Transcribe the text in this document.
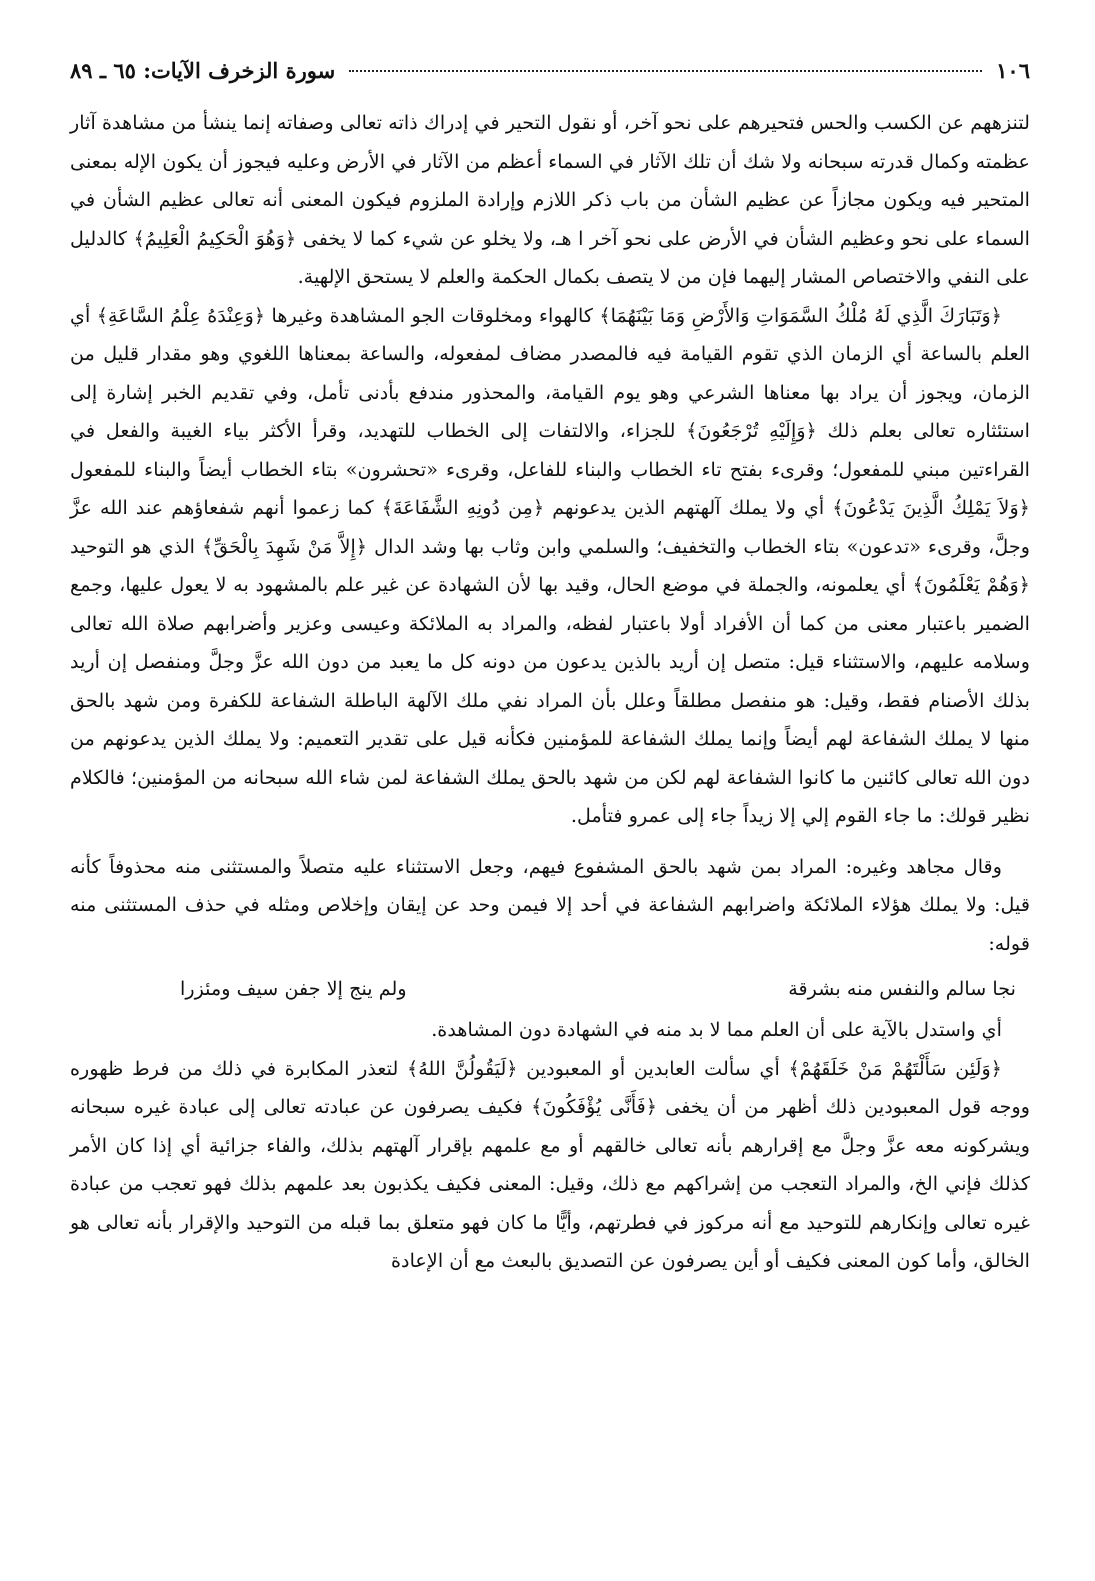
١٠٦
سورة الزخرف الآيات: ٦٥ ـ ٨٩

لتنزههم عن الكسب والحس فتحيرهم على نحو آخر، أو نقول التحير في إدراك ذاته تعالى وصفاته إنما ينشأ من مشاهدة آثار عظمته وكمال قدرته سبحانه ولا شك أن تلك الآثار في السماء أعظم من الآثار في الأرض وعليه فيجوز أن يكون الإله بمعنى المتحير فيه ويكون مجازاً عن عظيم الشأن من باب ذكر اللازم وإرادة الملزوم فيكون المعنى أنه تعالى عظيم الشأن في السماء على نحو وعظيم الشأن في الأرض على نحو آخر ا هـ، ولا يخلو عن شيء كما لا يخفى ﴿وَهُوَ الْحَكِيمُ الْعَلِيمُ﴾ كالدليل على النفي والاختصاص المشار إليهما فإن من لا يتصف بكمال الحكمة والعلم لا يستحق الإلهية.

﴿وَتَبَارَكَ الَّذِي لَهُ مُلْكُ السَّمَوَاتِ وَالأَرْضِ وَمَا بَيْنَهُمَا﴾ كالهواء ومخلوقات الجو المشاهدة وغيرها ﴿وَعِنْدَهُ عِلْمُ السَّاعَةِ﴾ أي العلم بالساعة أي الزمان الذي تقوم القيامة فيه فالمصدر مضاف لمفعوله، والساعة بمعناها اللغوي وهو مقدار قليل من الزمان، ويجوز أن يراد بها معناها الشرعي وهو يوم القيامة، والمحذور مندفع بأدنى تأمل، وفي تقديم الخبر إشارة إلى استئثاره تعالى بعلم ذلك ﴿وَإِلَيْهِ تُرْجَعُونَ﴾ للجزاء، والالتفات إلى الخطاب للتهديد، وقرأ الأكثر بياء الغيبة والفعل في القراءتين مبني للمفعول؛ وقرىء بفتح تاء الخطاب والبناء للفاعل، وقرىء «تحشرون» بتاء الخطاب أيضاً والبناء للمفعول ﴿وَلاَ يَمْلِكُ الَّذِينَ يَدْعُونَ﴾ أي ولا يملك آلهتهم الذين يدعونهم ﴿مِن دُونِهِ الشَّفَاعَةَ﴾ كما زعموا أنهم شفعاؤهم عند الله عزَّ وجلَّ، وقرىء «تدعون» بتاء الخطاب والتخفيف؛ والسلمي وابن وثاب بها وشد الدال ﴿إِلاَّ مَنْ شَهِدَ بِالْحَقِّ﴾ الذي هو التوحيد ﴿وَهُمْ يَعْلَمُونَ﴾ أي يعلمونه، والجملة في موضع الحال، وقيد بها لأن الشهادة عن غير علم بالمشهود به لا يعول عليها، وجمع الضمير باعتبار معنى من كما أن الأفراد أولا باعتبار لفظه، والمراد به الملائكة وعيسى وعزير وأضرابهم صلاة الله تعالى وسلامه عليهم، والاستثناء قيل: متصل إن أريد بالذين يدعون من دونه كل ما يعبد من دون الله عزَّ وجلَّ ومنفصل إن أريد بذلك الأصنام فقط، وقيل: هو منفصل مطلقاً وعلل بأن المراد نفي ملك الآلهة الباطلة الشفاعة للكفرة ومن شهد بالحق منها لا يملك الشفاعة لهم أيضاً وإنما يملك الشفاعة للمؤمنين فكأنه قيل على تقدير التعميم: ولا يملك الذين يدعونهم من دون الله تعالى كائنين ما كانوا الشفاعة لهم لكن من شهد بالحق يملك الشفاعة لمن شاء الله سبحانه من المؤمنين؛ فالكلام نظير قولك: ما جاء القوم إلي إلا زيداً جاء إلى عمرو فتأمل.

وقال مجاهد وغيره: المراد بمن شهد بالحق المشفوع فيهم، وجعل الاستثناء عليه متصلاً والمستثنى منه محذوفاً كأنه قيل: ولا يملك هؤلاء الملائكة واضرابهم الشفاعة في أحد إلا فيمن وحد عن إيقان وإخلاص ومثله في حذف المستثنى منه قوله:

نجا سالم والنفس منه بشرقة
ولم ينج إلا جفن سيف ومئزرا

أي واستدل بالآية على أن العلم مما لا بد منه في الشهادة دون المشاهدة.

﴿وَلَئِن سَأَلْتَهُمْ مَنْ خَلَقَهُمْ﴾ أي سألت العابدين أو المعبودين ﴿لَيَقُولُنَّ اللهُ﴾ لتعذر المكابرة في ذلك من فرط ظهوره ووجه قول المعبودين ذلك أظهر من أن يخفى ﴿فَأَنَّى يُؤْفَكُونَ﴾ فكيف يصرفون عن عبادته تعالى إلى عبادة غيره سبحانه ويشركونه معه عزَّ وجلَّ مع إقرارهم بأنه تعالى خالقهم أو مع علمهم بإقرار آلهتهم بذلك، والفاء جزائية أي إذا كان الأمر كذلك فإني الخ، والمراد التعجب من إشراكهم مع ذلك، وقيل: المعنى فكيف يكذبون بعد علمهم بذلك فهو تعجب من عبادة غيره تعالى وإنكارهم للتوحيد مع أنه مركوز في فطرتهم، وأيًّا ما كان فهو متعلق بما قبله من التوحيد والإقرار بأنه تعالى هو الخالق، وأما كون المعنى فكيف أو أين يصرفون عن التصديق بالبعث مع أن الإعادة
